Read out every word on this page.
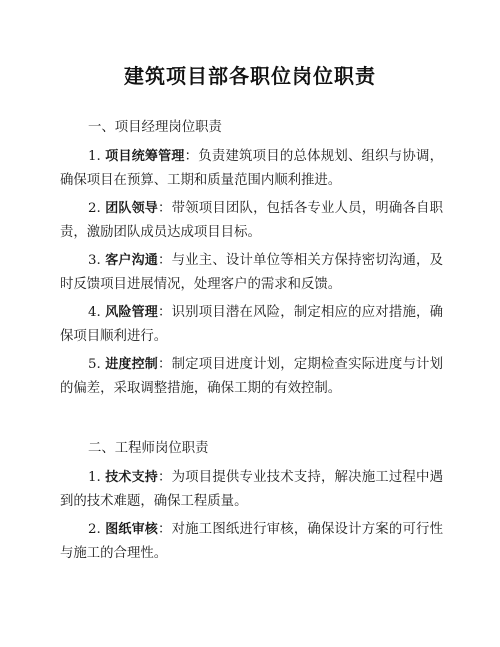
建筑项目部各职位岗位职责

一、项目经理岗位职责

1. 项目统筹管理：负责建筑项目的总体规划、组织与协调，确保项目在预算、工期和质量范围内顺利推进。

2. 团队领导：带领项目团队，包括各专业人员，明确各自职责，激励团队成员达成项目目标。

3. 客户沟通：与业主、设计单位等相关方保持密切沟通，及时反馈项目进展情况，处理客户的需求和反馈。

4. 风险管理：识别项目潜在风险，制定相应的应对措施，确保项目顺利进行。

5. 进度控制：制定项目进度计划，定期检查实际进度与计划的偏差，采取调整措施，确保工期的有效控制。

二、工程师岗位职责

1. 技术支持：为项目提供专业技术支持，解决施工过程中遇到的技术难题，确保工程质量。

2. 图纸审核：对施工图纸进行审核，确保设计方案的可行性与施工的合理性。
